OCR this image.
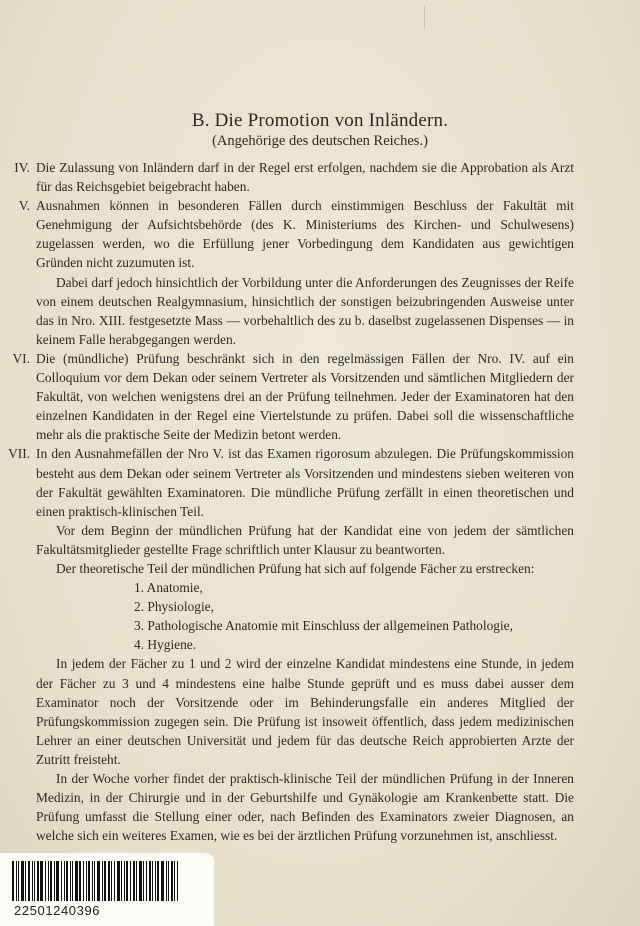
B. Die Promotion von Inländern.
(Angehörige des deutschen Reiches.)

IV. Die Zulassung von Inländern darf in der Regel erst erfolgen, nachdem sie die Approbation als Arzt für das Reichsgebiet beigebracht haben.

V. Ausnahmen können in besonderen Fällen durch einstimmigen Beschluss der Fakultät mit Genehmigung der Aufsichtsbehörde (des K. Ministeriums des Kirchen- und Schulwesens) zugelassen werden, wo die Erfüllung jener Vorbedingung dem Kandidaten aus gewichtigen Gründen nicht zuzumuten ist.

Dabei darf jedoch hinsichtlich der Vorbildung unter die Anforderungen des Zeugnisses der Reife von einem deutschen Realgymnasium, hinsichtlich der sonstigen beizubringenden Ausweise unter das in Nro. XIII. festgesetzte Mass — vorbehaltlich des zu b. daselbst zugelassenen Dispenses — in keinem Falle herabgegangen werden.

VI. Die (mündliche) Prüfung beschränkt sich in den regelmässigen Fällen der Nro. IV. auf ein Colloquium vor dem Dekan oder seinem Vertreter als Vorsitzenden und sämtlichen Mitgliedern der Fakultät, von welchen wenigstens drei an der Prüfung teilnehmen. Jeder der Examinatoren hat den einzelnen Kandidaten in der Regel eine Viertelstunde zu prüfen. Dabei soll die wissenschaftliche mehr als die praktische Seite der Medizin betont werden.

VII. In den Ausnahmefällen der Nro V. ist das Examen rigorosum abzulegen. Die Prüfungskommission besteht aus dem Dekan oder seinem Vertreter als Vorsitzenden und mindestens sieben weiteren von der Fakultät gewählten Examinatoren. Die mündliche Prüfung zerfällt in einen theoretischen und einen praktisch-klinischen Teil.

Vor dem Beginn der mündlichen Prüfung hat der Kandidat eine von jedem der sämtlichen Fakultätsmitglieder gestellte Frage schriftlich unter Klausur zu beantworten.

Der theoretische Teil der mündlichen Prüfung hat sich auf folgende Fächer zu erstrecken:

1. Anatomie,
2. Physiologie,
3. Pathologische Anatomie mit Einschluss der allgemeinen Pathologie,
4. Hygiene.

In jedem der Fächer zu 1 und 2 wird der einzelne Kandidat mindestens eine Stunde, in jedem der Fächer zu 3 und 4 mindestens eine halbe Stunde geprüft und es muss dabei ausser dem Examinator noch der Vorsitzende oder im Behinderungsfalle ein anderes Mitglied der Prüfungskommission zugegen sein. Die Prüfung ist insoweit öffentlich, dass jedem medizinischen Lehrer an einer deutschen Universität und jedem für das deutsche Reich approbierten Arzte der Zutritt freisteht.

In der Woche vorher findet der praktisch-klinische Teil der mündlichen Prüfung in der Inneren Medizin, in der Chirurgie und in der Geburtshilfe und Gynäkologie am Krankenbette statt. Die Prüfung umfasst die Stellung einer oder, nach Befinden des Examinators zweier Diagnosen, an welche sich ein weiteres Examen, wie es bei der ärztlichen Prüfung vorzunehmen ist, anschliesst.

22501240396
